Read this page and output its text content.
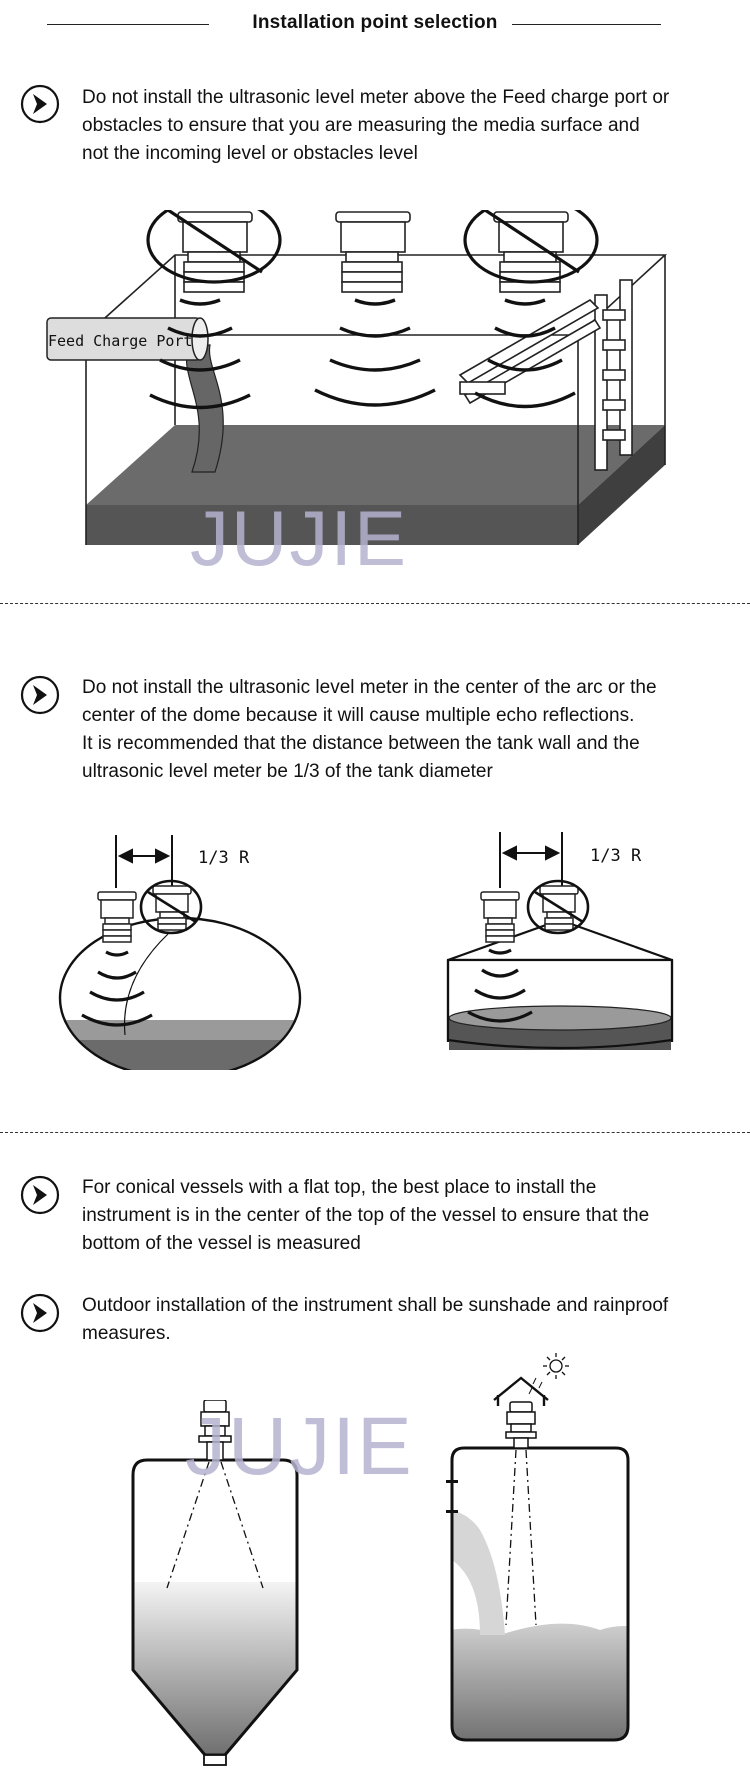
Installation point selection
Do not install the ultrasonic level meter above the Feed charge port or
obstacles to ensure that you are measuring the media surface and
not the incoming level or obstacles level
Feed Charge Port
JUJIE
Do not install the ultrasonic level meter in the center of the arc or the
center of the dome because it will cause multiple echo reflections.
It is recommended that the distance between the tank wall and the
ultrasonic level meter be 1/3 of the tank diameter
1/3 R	1/3 R
For conical vessels with a flat top, the best place to install the
instrument is in the center of the top of the vessel to ensure that the
bottom of the vessel is measured
Outdoor installation of the instrument shall be sunshade and rainproof
measures.
JUJIE
